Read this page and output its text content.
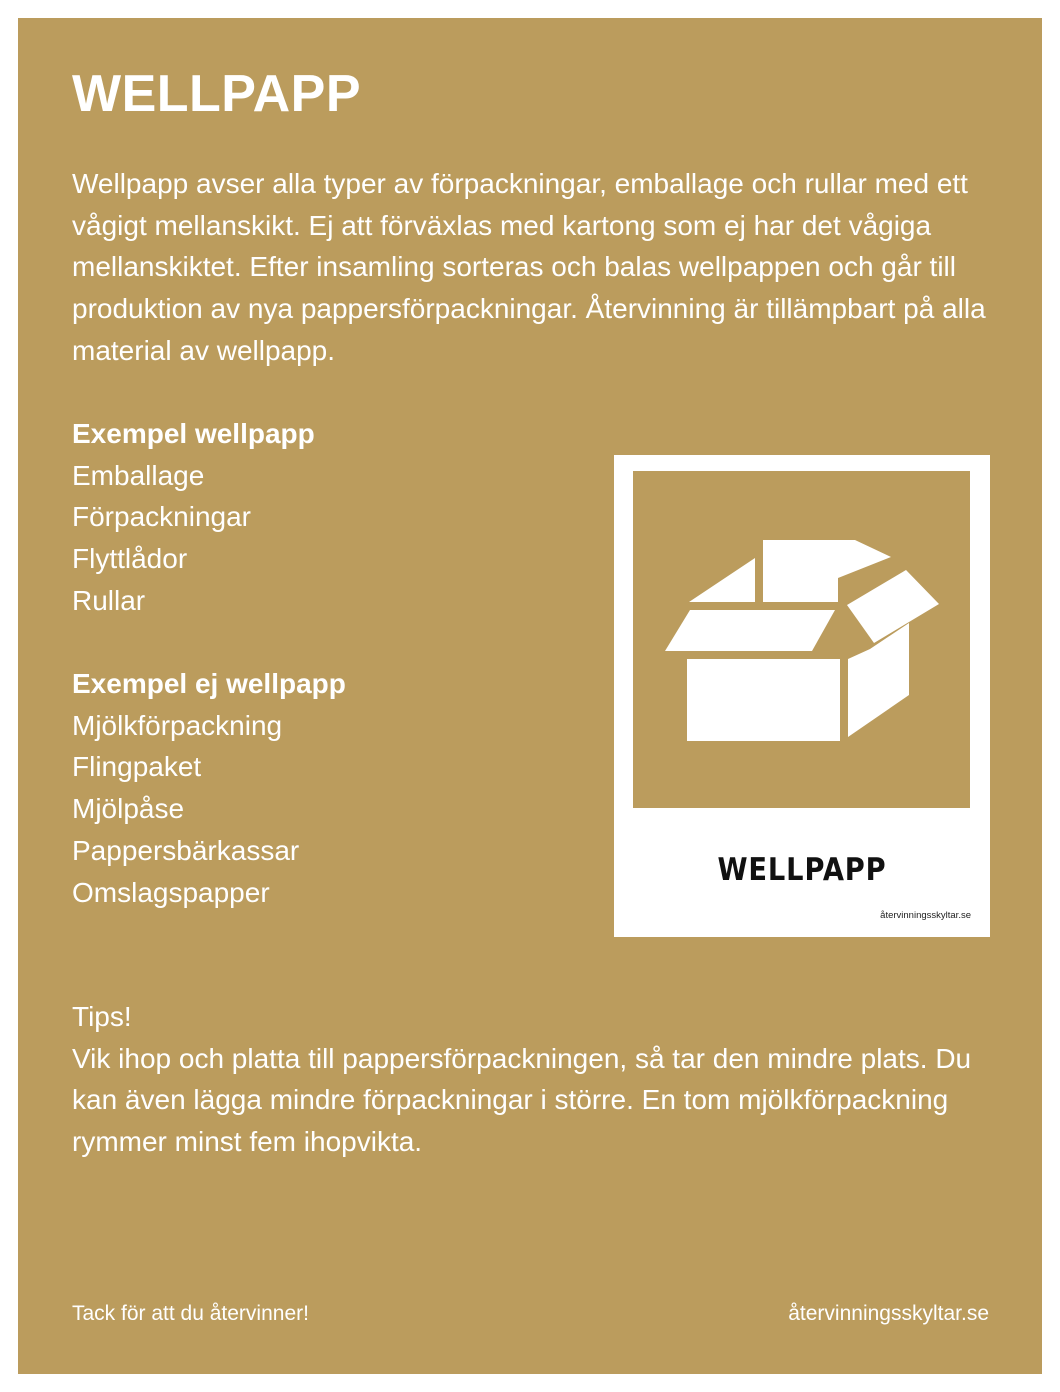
WELLPAPP

Wellpapp avser alla typer av förpackningar, emballage och rullar med ett vågigt mellanskikt. Ej att förväxlas med kartong som ej har det vågiga mellanskiktet. Efter insamling sorteras och balas wellpappen och går till produktion av nya pappersförpackningar. Återvinning är tillämpbart på alla material av wellpapp.

Exempel wellpapp
Emballage
Förpackningar
Flyttlådor
Rullar
Exempel ej wellpapp
Mjölkförpackning
Flingpaket
Mjölpåse
Pappersbärkassar
Omslagspapper

Tips!

Vik ihop och platta till pappersförpackningen, så tar den mindre plats. Du kan även lägga mindre förpackningar i större. En tom mjölkförpackning rymmer minst fem ihopvikta.

Tack för att du återvinner!	återvinningsskyltar.se
WELLPAPP
återvinningsskyltar.se
